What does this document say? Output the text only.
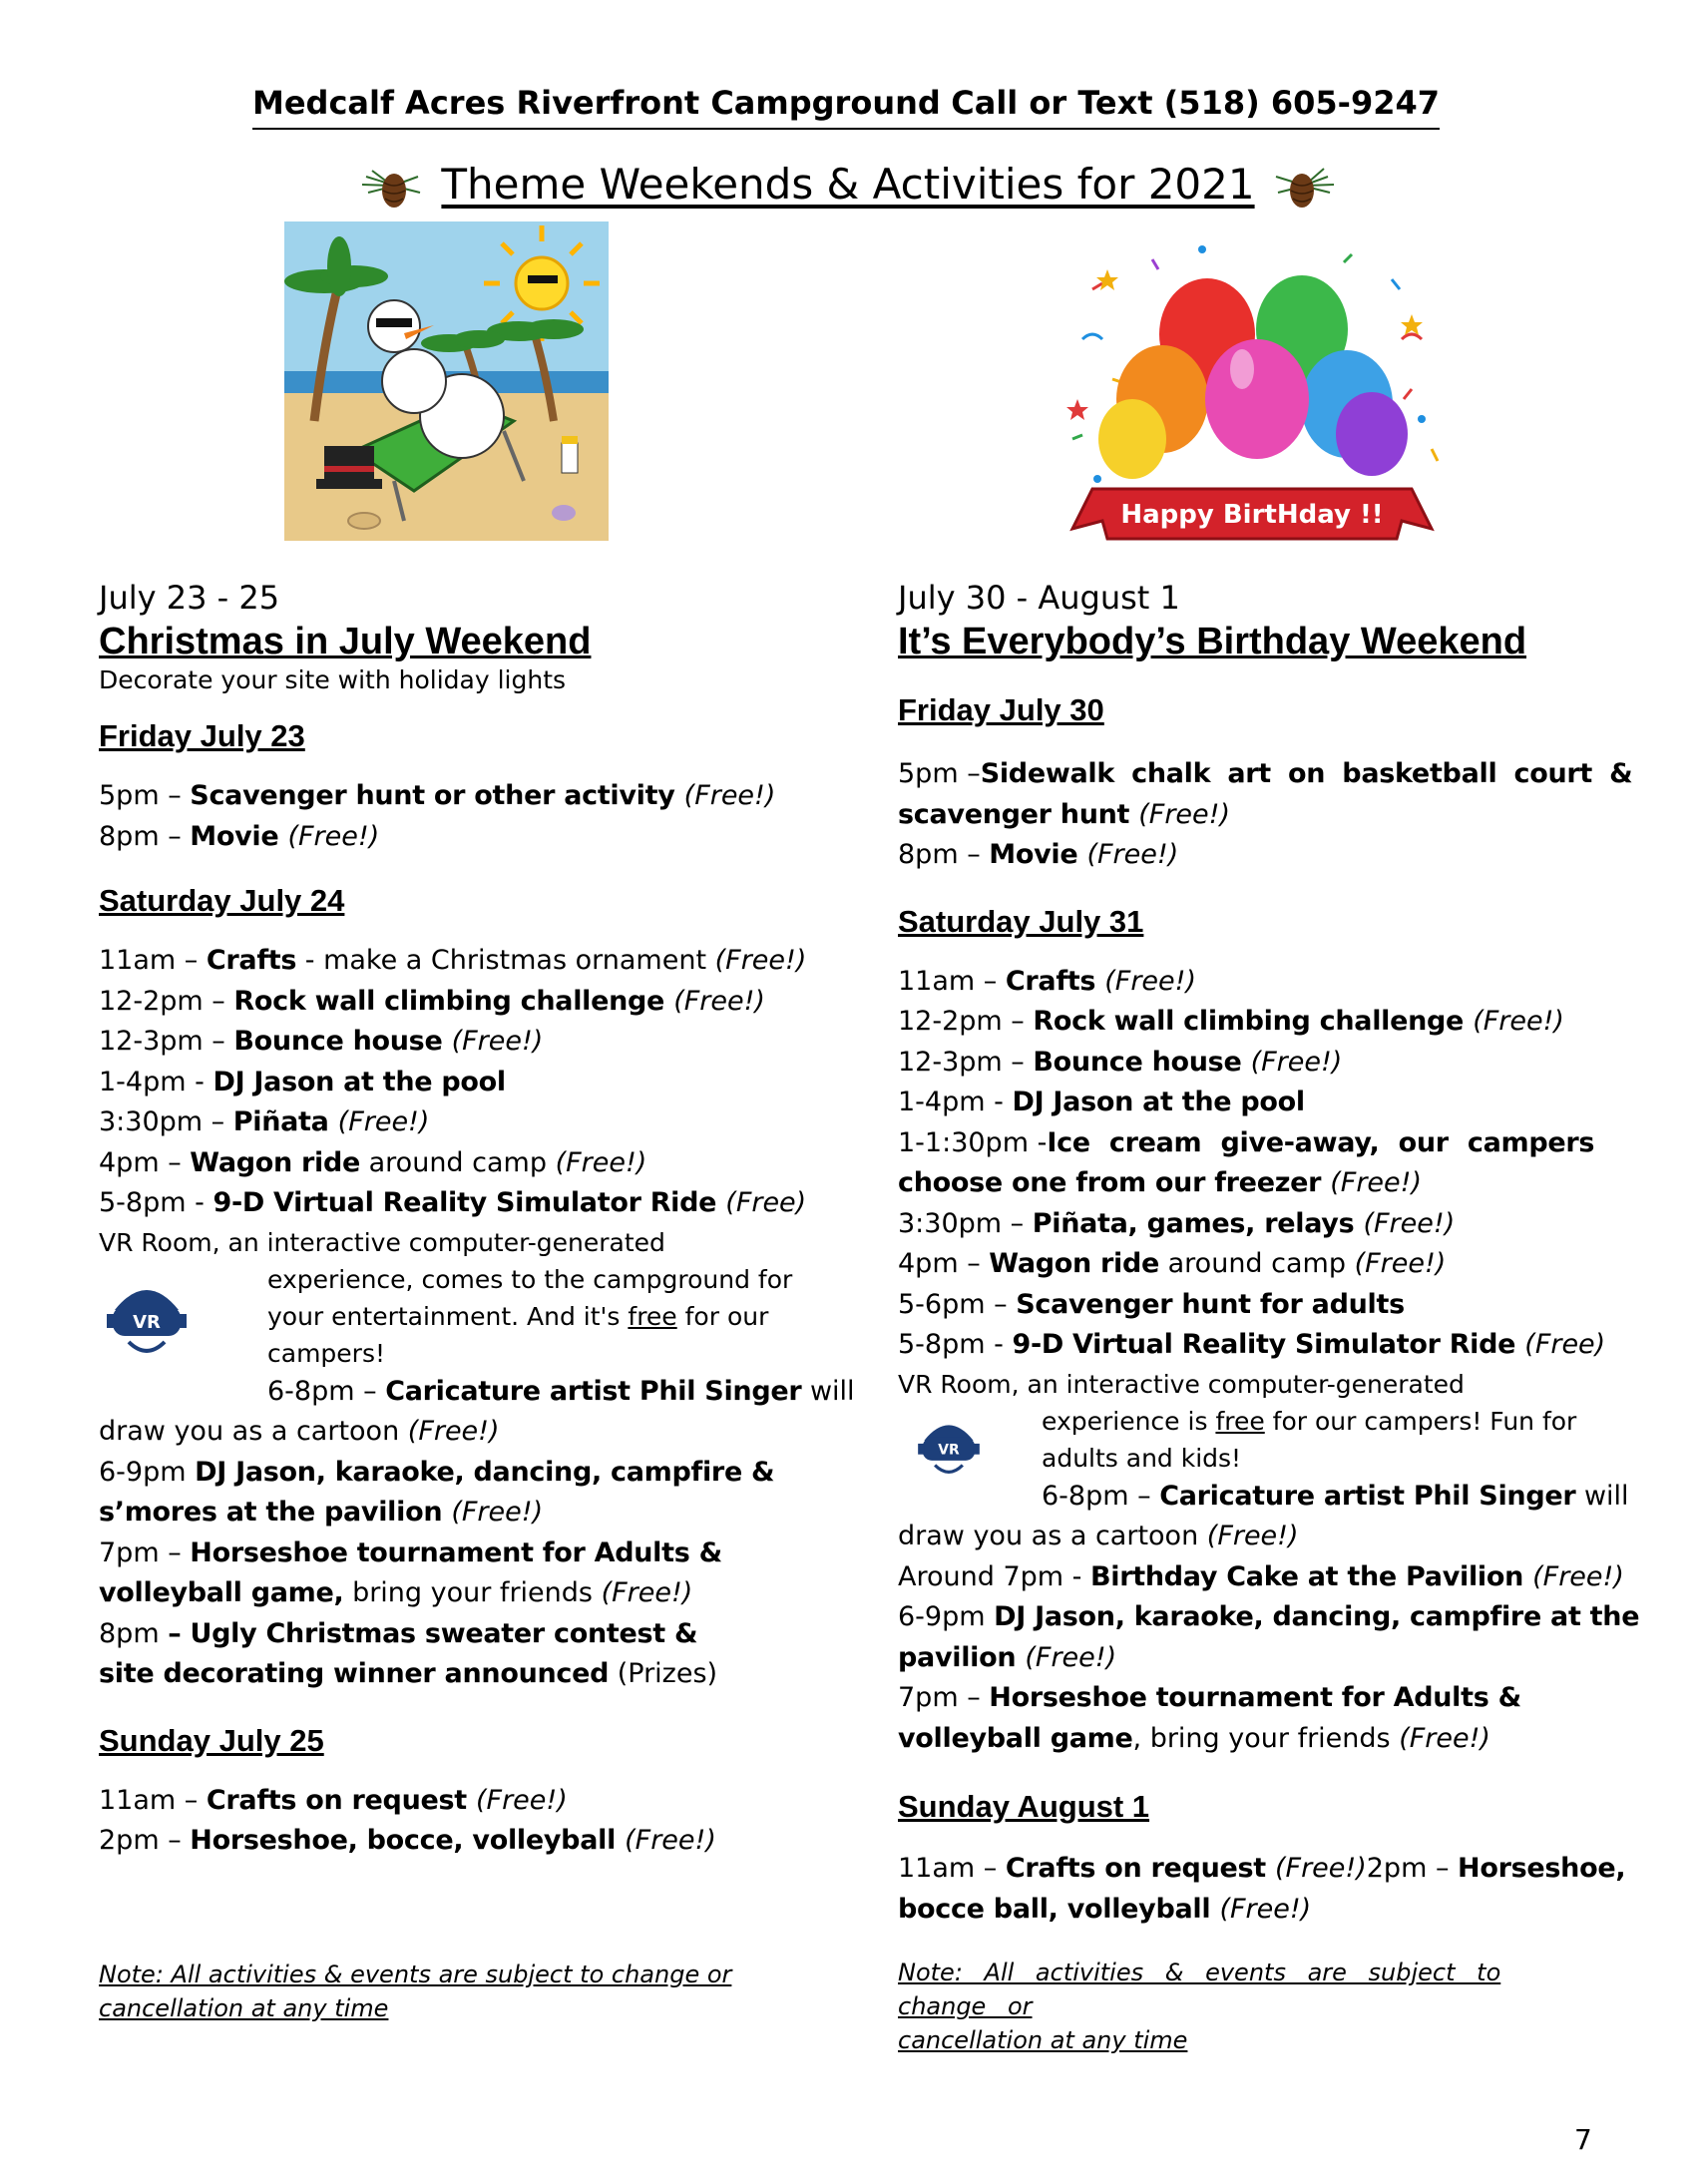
Medcalf Acres Riverfront Campground Call or Text (518) 605-9247
Theme Weekends & Activities for 2021
Happy BirtHday !!
July 23 - 25
Christmas in July Weekend
Decorate your site with holiday lights
Friday July 23
5pm – Scavenger hunt or other activity (Free!)
8pm – Movie (Free!)
Saturday July 24
11am – Crafts - make a Christmas ornament (Free!)
12-2pm – Rock wall climbing challenge (Free!)
12-3pm – Bounce house (Free!)
1-4pm - DJ Jason at the pool
3:30pm – Piñata (Free!)
4pm – Wagon ride around camp (Free!)
5-8pm - 9-D Virtual Reality Simulator Ride (Free)
VR Room, an interactive computer-generated
VR
experience, comes to the campground for
your entertainment. And it's free for our
campers!
6-8pm – Caricature artist Phil Singer will
draw you as a cartoon (Free!)
6-9pm DJ Jason, karaoke, dancing, campfire &
s’mores at the pavilion (Free!)
7pm – Horseshoe tournament for Adults &
volleyball game, bring your friends (Free!)
8pm – Ugly Christmas sweater contest &
site decorating winner announced (Prizes)
Sunday July 25
11am – Crafts on request (Free!)
2pm – Horseshoe, bocce, volleyball (Free!)
Note: All activities & events are subject to change or
cancellation at any time
July 30 - August 1
It’s Everybody’s Birthday Weekend
Friday July 30
5pm – Sidewalk chalk art on basketball court &
scavenger hunt (Free!)
8pm – Movie (Free!)
Saturday July 31
11am – Crafts (Free!)
12-2pm – Rock wall climbing challenge (Free!)
12-3pm – Bounce house (Free!)
1-4pm - DJ Jason at the pool
1-1:30pm - Ice cream give-away, our campers
choose one from our freezer (Free!)
3:30pm – Piñata, games, relays (Free!)
4pm – Wagon ride around camp (Free!)
5-6pm – Scavenger hunt for adults
5-8pm - 9-D Virtual Reality Simulator Ride (Free)
VR Room, an interactive computer-generated
VR
experience is free for our campers! Fun for
adults and kids!
6-8pm – Caricature artist Phil Singer will
draw you as a cartoon (Free!)
Around 7pm - Birthday Cake at the Pavilion (Free!)
6-9pm DJ Jason, karaoke, dancing, campfire at the
pavilion (Free!)
7pm – Horseshoe tournament for Adults &
volleyball game, bring your friends (Free!)
Sunday August 1
11am – Crafts on request (Free!)2pm – Horseshoe,
bocce ball, volleyball (Free!)
Note: All activities & events are subject to change or
cancellation at any time
7
